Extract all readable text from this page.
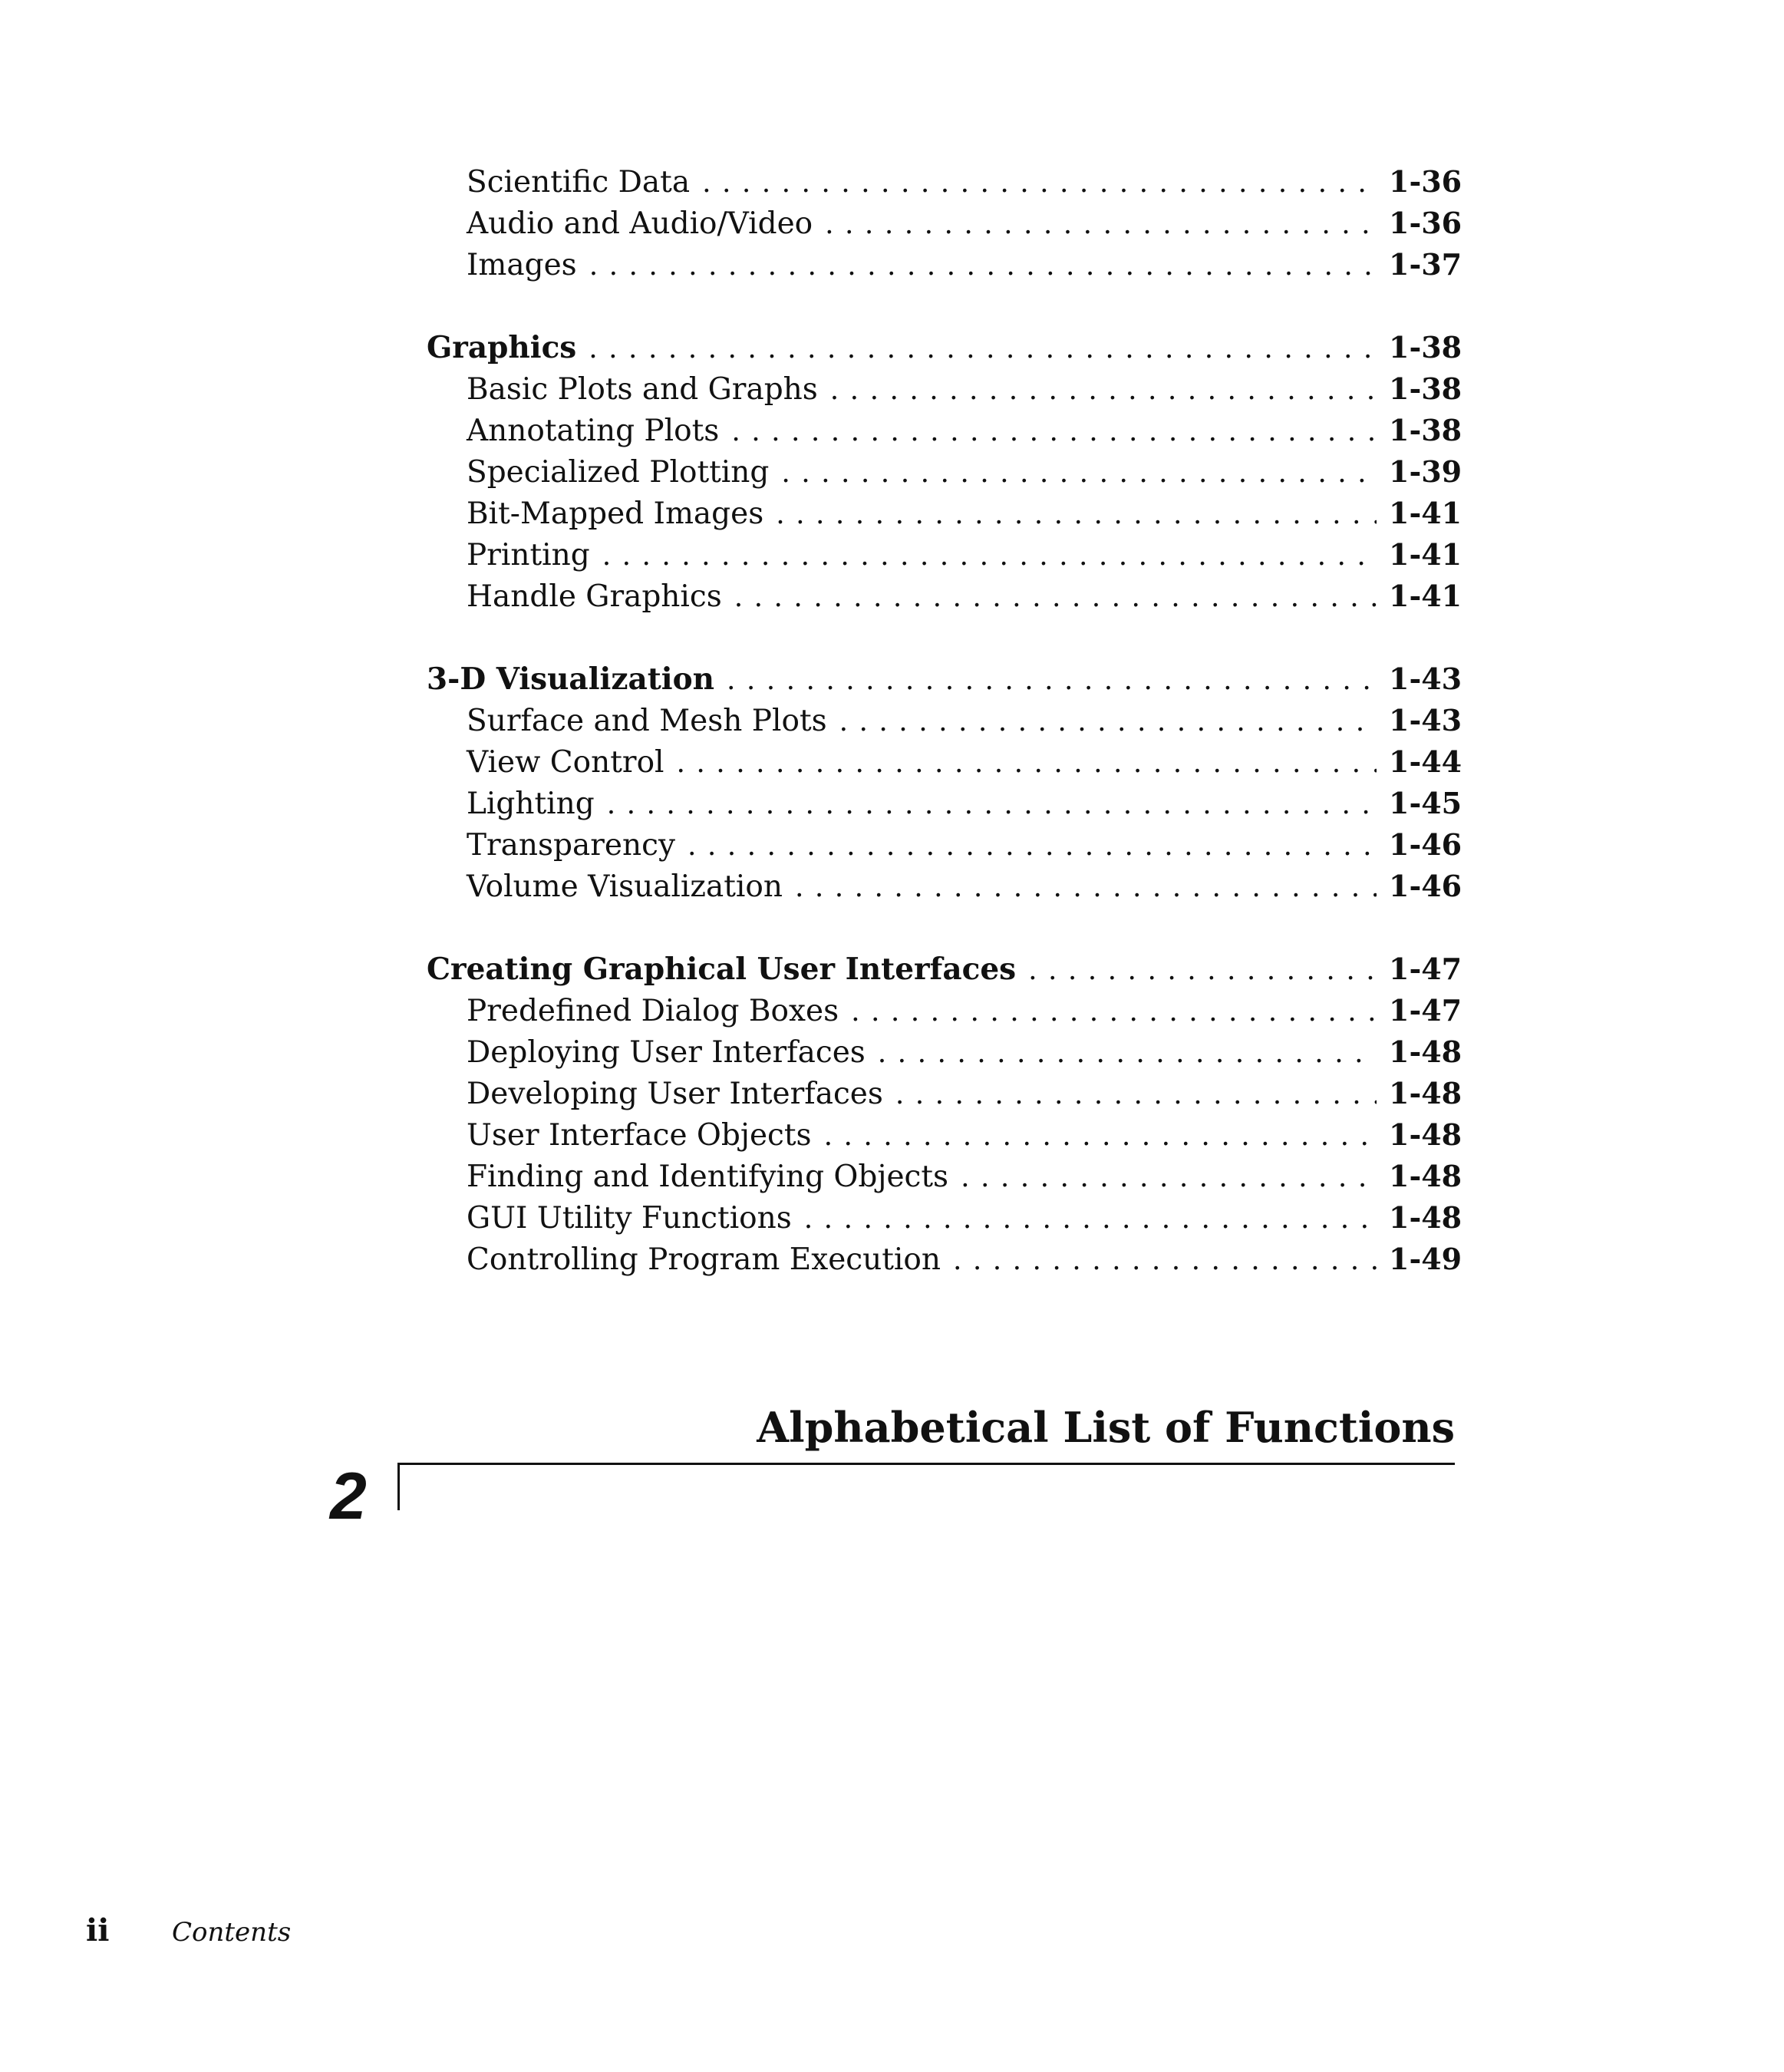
Scientific Data . . .	1-36
Audio and Audio/Video . . .	1-36
Images . . .	1-37
Graphics . . .	1-38
Basic Plots and Graphs . . .	1-38
Annotating Plots . . .	1-38
Specialized Plotting . . .	1-39
Bit-Mapped Images . . .	1-41
Printing . . .	1-41
Handle Graphics . . .	1-41
3-D Visualization . . .	1-43
Surface and Mesh Plots . . .	1-43
View Control . . .	1-44
Lighting . . .	1-45
Transparency . . .	1-46
Volume Visualization . . .	1-46
Creating Graphical User Interfaces . . .	1-47
Predefined Dialog Boxes . . .	1-47
Deploying User Interfaces . . .	1-48
Developing User Interfaces . . .	1-48
User Interface Objects . . .	1-48
Finding and Identifying Objects . . .	1-48
GUI Utility Functions . . .	1-48
Controlling Program Execution . . .	1-49
Alphabetical List of Functions
2
ii	Contents
